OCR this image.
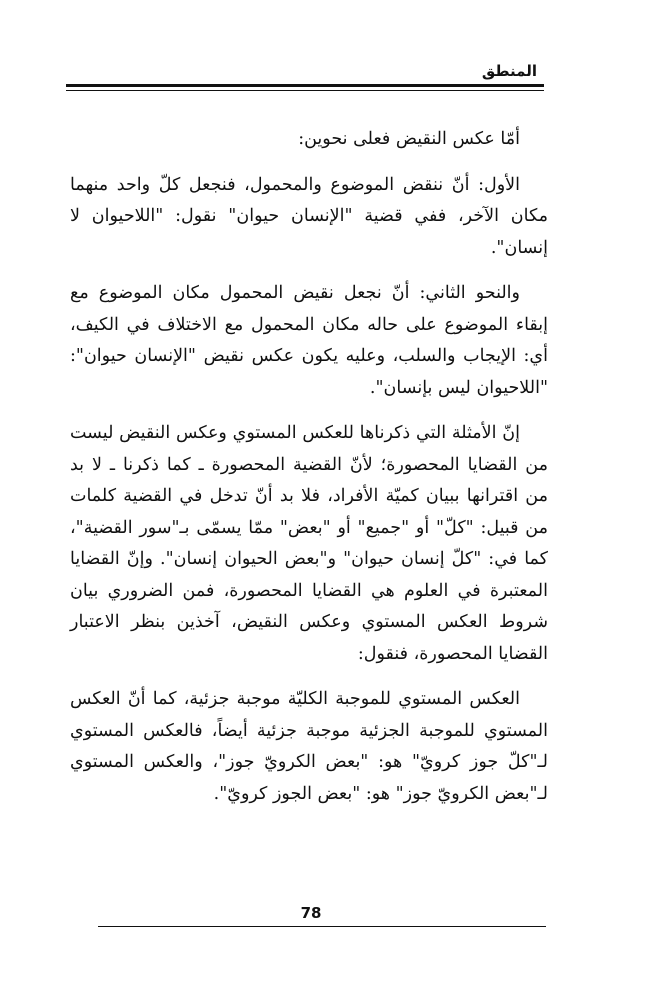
المنطق

أمّا عكس النقيض فعلى نحوين:

الأول: أنّ ننقض الموضوع والمحمول، فنجعل كلّ واحد منهما مكان الآخر، ففي قضية "الإنسان حيوان" نقول: "اللاحيوان لا إنسان".

والنحو الثاني: أنّ نجعل نقيض المحمول مكان الموضوع مع إبقاء الموضوع على حاله مكان المحمول مع الاختلاف في الكيف، أي: الإيجاب والسلب، وعليه يكون عكس نقيض "الإنسان حيوان": "اللاحيوان ليس بإنسان".

إنّ الأمثلة التي ذكرناها للعكس المستوي وعكس النقيض ليست من القضايا المحصورة؛ لأنّ القضية المحصورة ـ كما ذكرنا ـ لا بد من اقترانها ببيان كميّة الأفراد، فلا بد أنّ تدخل في القضية كلمات من قبيل: "كلّ" أو "جميع" أو "بعض" ممّا يسمّى بـ"سور القضية"، كما في: "كلّ إنسان حيوان" و"بعض الحيوان إنسان". وإنّ القضايا المعتبرة في العلوم هي القضايا المحصورة، فمن الضروري بيان شروط العكس المستوي وعكس النقيض، آخذين بنظر الاعتبار القضايا المحصورة، فنقول:

العكس المستوي للموجبة الكليّة موجبة جزئية، كما أنّ العكس المستوي للموجبة الجزئية موجبة جزئية أيضاً، فالعكس المستوي لـ"كلّ جوز كرويّ" هو: "بعض الكرويّ جوز"، والعكس المستوي لـ"بعض الكرويّ جوز" هو: "بعض الجوز كرويّ".

78
